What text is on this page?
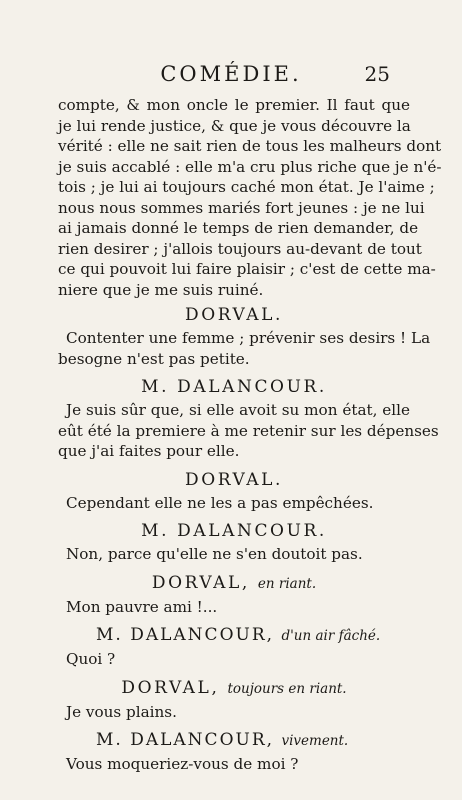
COMÉDIE.	25
compte, & mon oncle le premier. Il faut que
je lui rende justice, & que je vous découvre la
vérité : elle ne sait rien de tous les malheurs dont
je suis accablé : elle m'a cru plus riche que je n'é-
tois ; je lui ai toujours caché mon état. Je l'aime ;
nous nous sommes mariés fort jeunes : je ne lui
ai jamais donné le temps de rien demander, de
rien desirer ; j'allois toujours au-devant de tout
ce qui pouvoit lui faire plaisir ; c'est de cette ma-
niere que je me suis ruiné.
DORVAL.
Contenter une femme ; prévenir ses desirs ! La
besogne n'est pas petite.
M. DALANCOUR.
Je suis sûr que, si elle avoit su mon état, elle
eût été la premiere à me retenir sur les dépenses
que j'ai faites pour elle.
DORVAL.
Cependant elle ne les a pas empêchées.
M. DALANCOUR.
Non, parce qu'elle ne s'en doutoit pas.
DORVAL, en riant.
Mon pauvre ami !...
M. DALANCOUR, d'un air fâché.
Quoi ?
DORVAL, toujours en riant.
Je vous plains.
M. DALANCOUR, vivement.
Vous moqueriez-vous de moi ?
